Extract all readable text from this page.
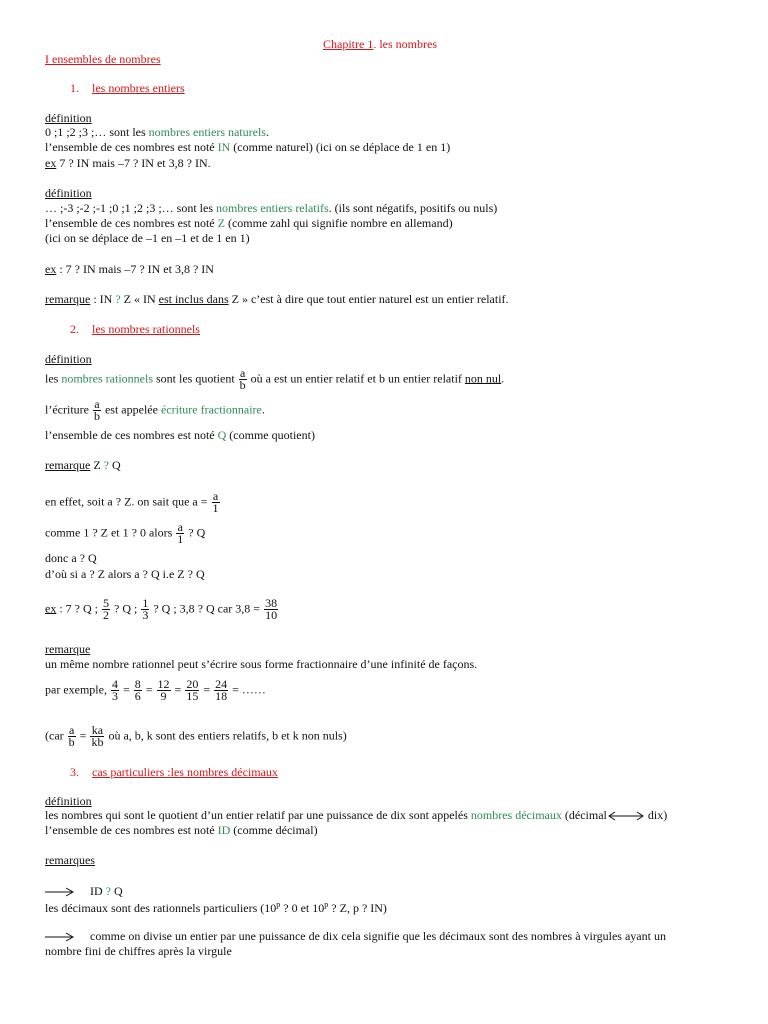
Chapitre 1. les nombres
I ensembles de nombres
1. les nombres entiers
définition
0 ;1 ;2 ;3 ;… sont les nombres entiers naturels.
l’ensemble de ces nombres est noté IN (comme naturel) (ici on se déplace de 1 en 1)
ex 7 ? IN mais –7 ? IN et 3,8 ? IN.
définition
… ;-3 ;-2 ;-1 ;0 ;1 ;2 ;3 ;… sont les nombres entiers relatifs. (ils sont négatifs, positifs ou nuls)
l’ensemble de ces nombres est noté Z (comme zahl qui signifie nombre en allemand)
(ici on se déplace de –1 en –1 et de 1 en 1)
ex : 7 ? IN mais –7 ? IN et 3,8 ? IN
remarque : IN ? Z « IN est inclus dans Z » c’est à dire que tout entier naturel est un entier relatif.
2. les nombres rationnels
définition
les nombres rationnels sont les quotient $\frac{a}{b}$ où a est un entier relatif et b un entier relatif non nul.
l’écriture $\frac{a}{b}$ est appelée écriture fractionnaire.
l’ensemble de ces nombres est noté Q (comme quotient)
remarque Z ? Q
en effet, soit a ? Z. on sait que $a = \frac{a}{1}$
comme 1 ? Z et 1 ? 0 alors $\frac{a}{1}$ ? Q
donc a ? Q
d’où si a ? Z alors a ? Q i.e Z ? Q
ex : 7 ? Q ; $\frac{5}{2}$ ? Q ; $\frac{1}{3}$ ? Q ; 3,8 ? Q car $3,8 = \frac{38}{10}$
remarque
un même nombre rationnel peut s’écrire sous forme fractionnaire d’une infinité de façons.
par exemple, $\frac{4}{3} = \frac{8}{6} = \frac{12}{9} = \frac{20}{15} = \frac{24}{18}$ = ……
($car \frac{a}{b} = \frac{ka}{kb}$ où a, b, k sont des entiers relatifs, b et k non nuls)
3. cas particuliers :les nombres décimaux
définition
les nombres qui sont le quotient d’un entier relatif par une puissance de dix sont appelés nombres décimaux (décimal	dix)
l’ensemble de ces nombres est noté ID (comme décimal)
remarques
ID ? Q
les décimaux sont des rationnels particuliers (10$^p$ ? 0 et 10$^p$ ? Z, p ? IN)
comme on divise un entier par une puissance de dix cela signifie que les décimaux sont des nombres à virgules ayant un
nombre fini de chiffres après la virgule
